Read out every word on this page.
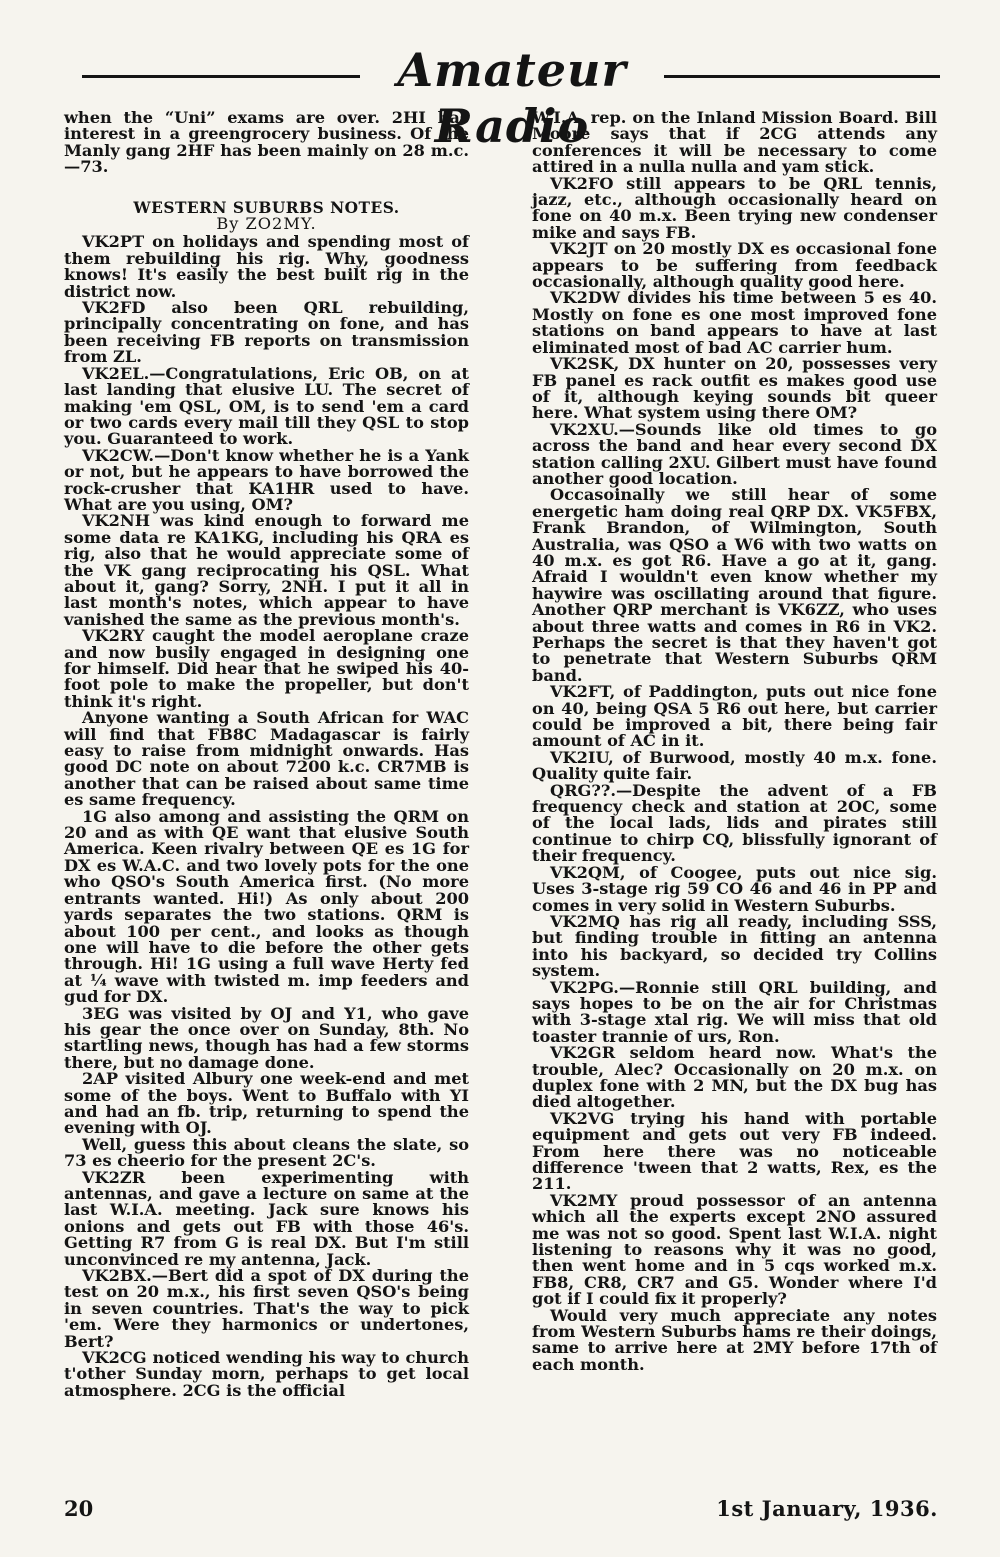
Amateur Radio

when the “Uni” exams are over. 2HI has interest in a greengrocery business. Of the Manly gang 2HF has been mainly on 28 m.c.—73.

WESTERN SUBURBS NOTES.

By ZO2MY.

VK2PT on holidays and spending most of them rebuilding his rig. Why, goodness knows! It's easily the best built rig in the district now.

VK2FD also been QRL rebuilding, principally concentrating on fone, and has been receiving FB reports on transmission from ZL.

VK2EL.—Congratulations, Eric OB, on at last landing that elusive LU. The secret of making 'em QSL, OM, is to send 'em a card or two cards every mail till they QSL to stop you. Guaranteed to work.

VK2CW.—Don't know whether he is a Yank or not, but he appears to have borrowed the rock-crusher that KA1HR used to have. What are you using, OM?

VK2NH was kind enough to forward me some data re KA1KG, including his QRA es rig, also that he would appreciate some of the VK gang reciprocating his QSL. What about it, gang? Sorry, 2NH. I put it all in last month's notes, which appear to have vanished the same as the previous month's.

VK2RY caught the model aeroplane craze and now busily engaged in designing one for himself. Did hear that he swiped his 40-foot pole to make the propeller, but don't think it's right.

Anyone wanting a South African for WAC will find that FB8C Madagascar is fairly easy to raise from midnight onwards. Has good DC note on about 7200 k.c. CR7MB is another that can be raised about same time es same frequency.

1G also among and assisting the QRM on 20 and as with QE want that elusive South America. Keen rivalry between QE es 1G for DX es W.A.C. and two lovely pots for the one who QSO's South America first. (No more entrants wanted. Hi!) As only about 200 yards separates the two stations. QRM is about 100 per cent., and looks as though one will have to die before the other gets through. Hi! 1G using a full wave Herty fed at ¼ wave with twisted m. imp feeders and gud for DX.

3EG was visited by OJ and Y1, who gave his gear the once over on Sunday, 8th. No startling news, though has had a few storms there, but no damage done.

2AP visited Albury one week-end and met some of the boys. Went to Buffalo with YI and had an fb. trip, returning to spend the evening with OJ.

Well, guess this about cleans the slate, so 73 es cheerio for the present 2C's.

VK2ZR been experimenting with antennas, and gave a lecture on same at the last W.I.A. meeting. Jack sure knows his onions and gets out FB with those 46's. Getting R7 from G is real DX. But I'm still unconvinced re my antenna, Jack.

VK2BX.—Bert did a spot of DX during the test on 20 m.x., his first seven QSO's being in seven countries. That's the way to pick 'em. Were they harmonics or undertones, Bert?

VK2CG noticed wending his way to church t'other Sunday morn, perhaps to get local atmosphere. 2CG is the official

W.I.A. rep. on the Inland Mission Board. Bill Moore says that if 2CG attends any conferences it will be necessary to come attired in a nulla nulla and yam stick.

VK2FO still appears to be QRL tennis, jazz, etc., although occasionally heard on fone on 40 m.x. Been trying new condenser mike and says FB.

VK2JT on 20 mostly DX es occasional fone appears to be suffering from feedback occasionally, although quality good here.

VK2DW divides his time between 5 es 40. Mostly on fone es one most improved fone stations on band appears to have at last eliminated most of bad AC carrier hum.

VK2SK, DX hunter on 20, possesses very FB panel es rack outfit es makes good use of it, although keying sounds bit queer here. What system using there OM?

VK2XU.—Sounds like old times to go across the band and hear every second DX station calling 2XU. Gilbert must have found another good location.

Occasoinally we still hear of some energetic ham doing real QRP DX. VK5FBX, Frank Brandon, of Wilmington, South Australia, was QSO a W6 with two watts on 40 m.x. es got R6. Have a go at it, gang. Afraid I wouldn't even know whether my haywire was oscillating around that figure. Another QRP merchant is VK6ZZ, who uses about three watts and comes in R6 in VK2. Perhaps the secret is that they haven't got to penetrate that Western Suburbs QRM band.

VK2FT, of Paddington, puts out nice fone on 40, being QSA 5 R6 out here, but carrier could be improved a bit, there being fair amount of AC in it.

VK2IU, of Burwood, mostly 40 m.x. fone. Quality quite fair.

QRG??.—Despite the advent of a FB frequency check and station at 2OC, some of the local lads, lids and pirates still continue to chirp CQ, blissfully ignorant of their frequency.

VK2QM, of Coogee, puts out nice sig. Uses 3-stage rig 59 CO 46 and 46 in PP and comes in very solid in Western Suburbs.

VK2MQ has rig all ready, including SSS, but finding trouble in fitting an antenna into his backyard, so decided try Collins system.

VK2PG.—Ronnie still QRL building, and says hopes to be on the air for Christmas with 3-stage xtal rig. We will miss that old toaster trannie of urs, Ron.

VK2GR seldom heard now. What's the trouble, Alec? Occasionally on 20 m.x. on duplex fone with 2 MN, but the DX bug has died altogether.

VK2VG trying his hand with portable equipment and gets out very FB indeed. From here there was no noticeable difference 'tween that 2 watts, Rex, es the 211.

VK2MY proud possessor of an antenna which all the experts except 2NO assured me was not so good. Spent last W.I.A. night listening to reasons why it was no good, then went home and in 5 cqs worked m.x. FB8, CR8, CR7 and G5. Wonder where I'd got if I could fix it properly?

Would very much appreciate any notes from Western Suburbs hams re their doings, same to arrive here at 2MY before 17th of each month.

20	1st January, 1936.
